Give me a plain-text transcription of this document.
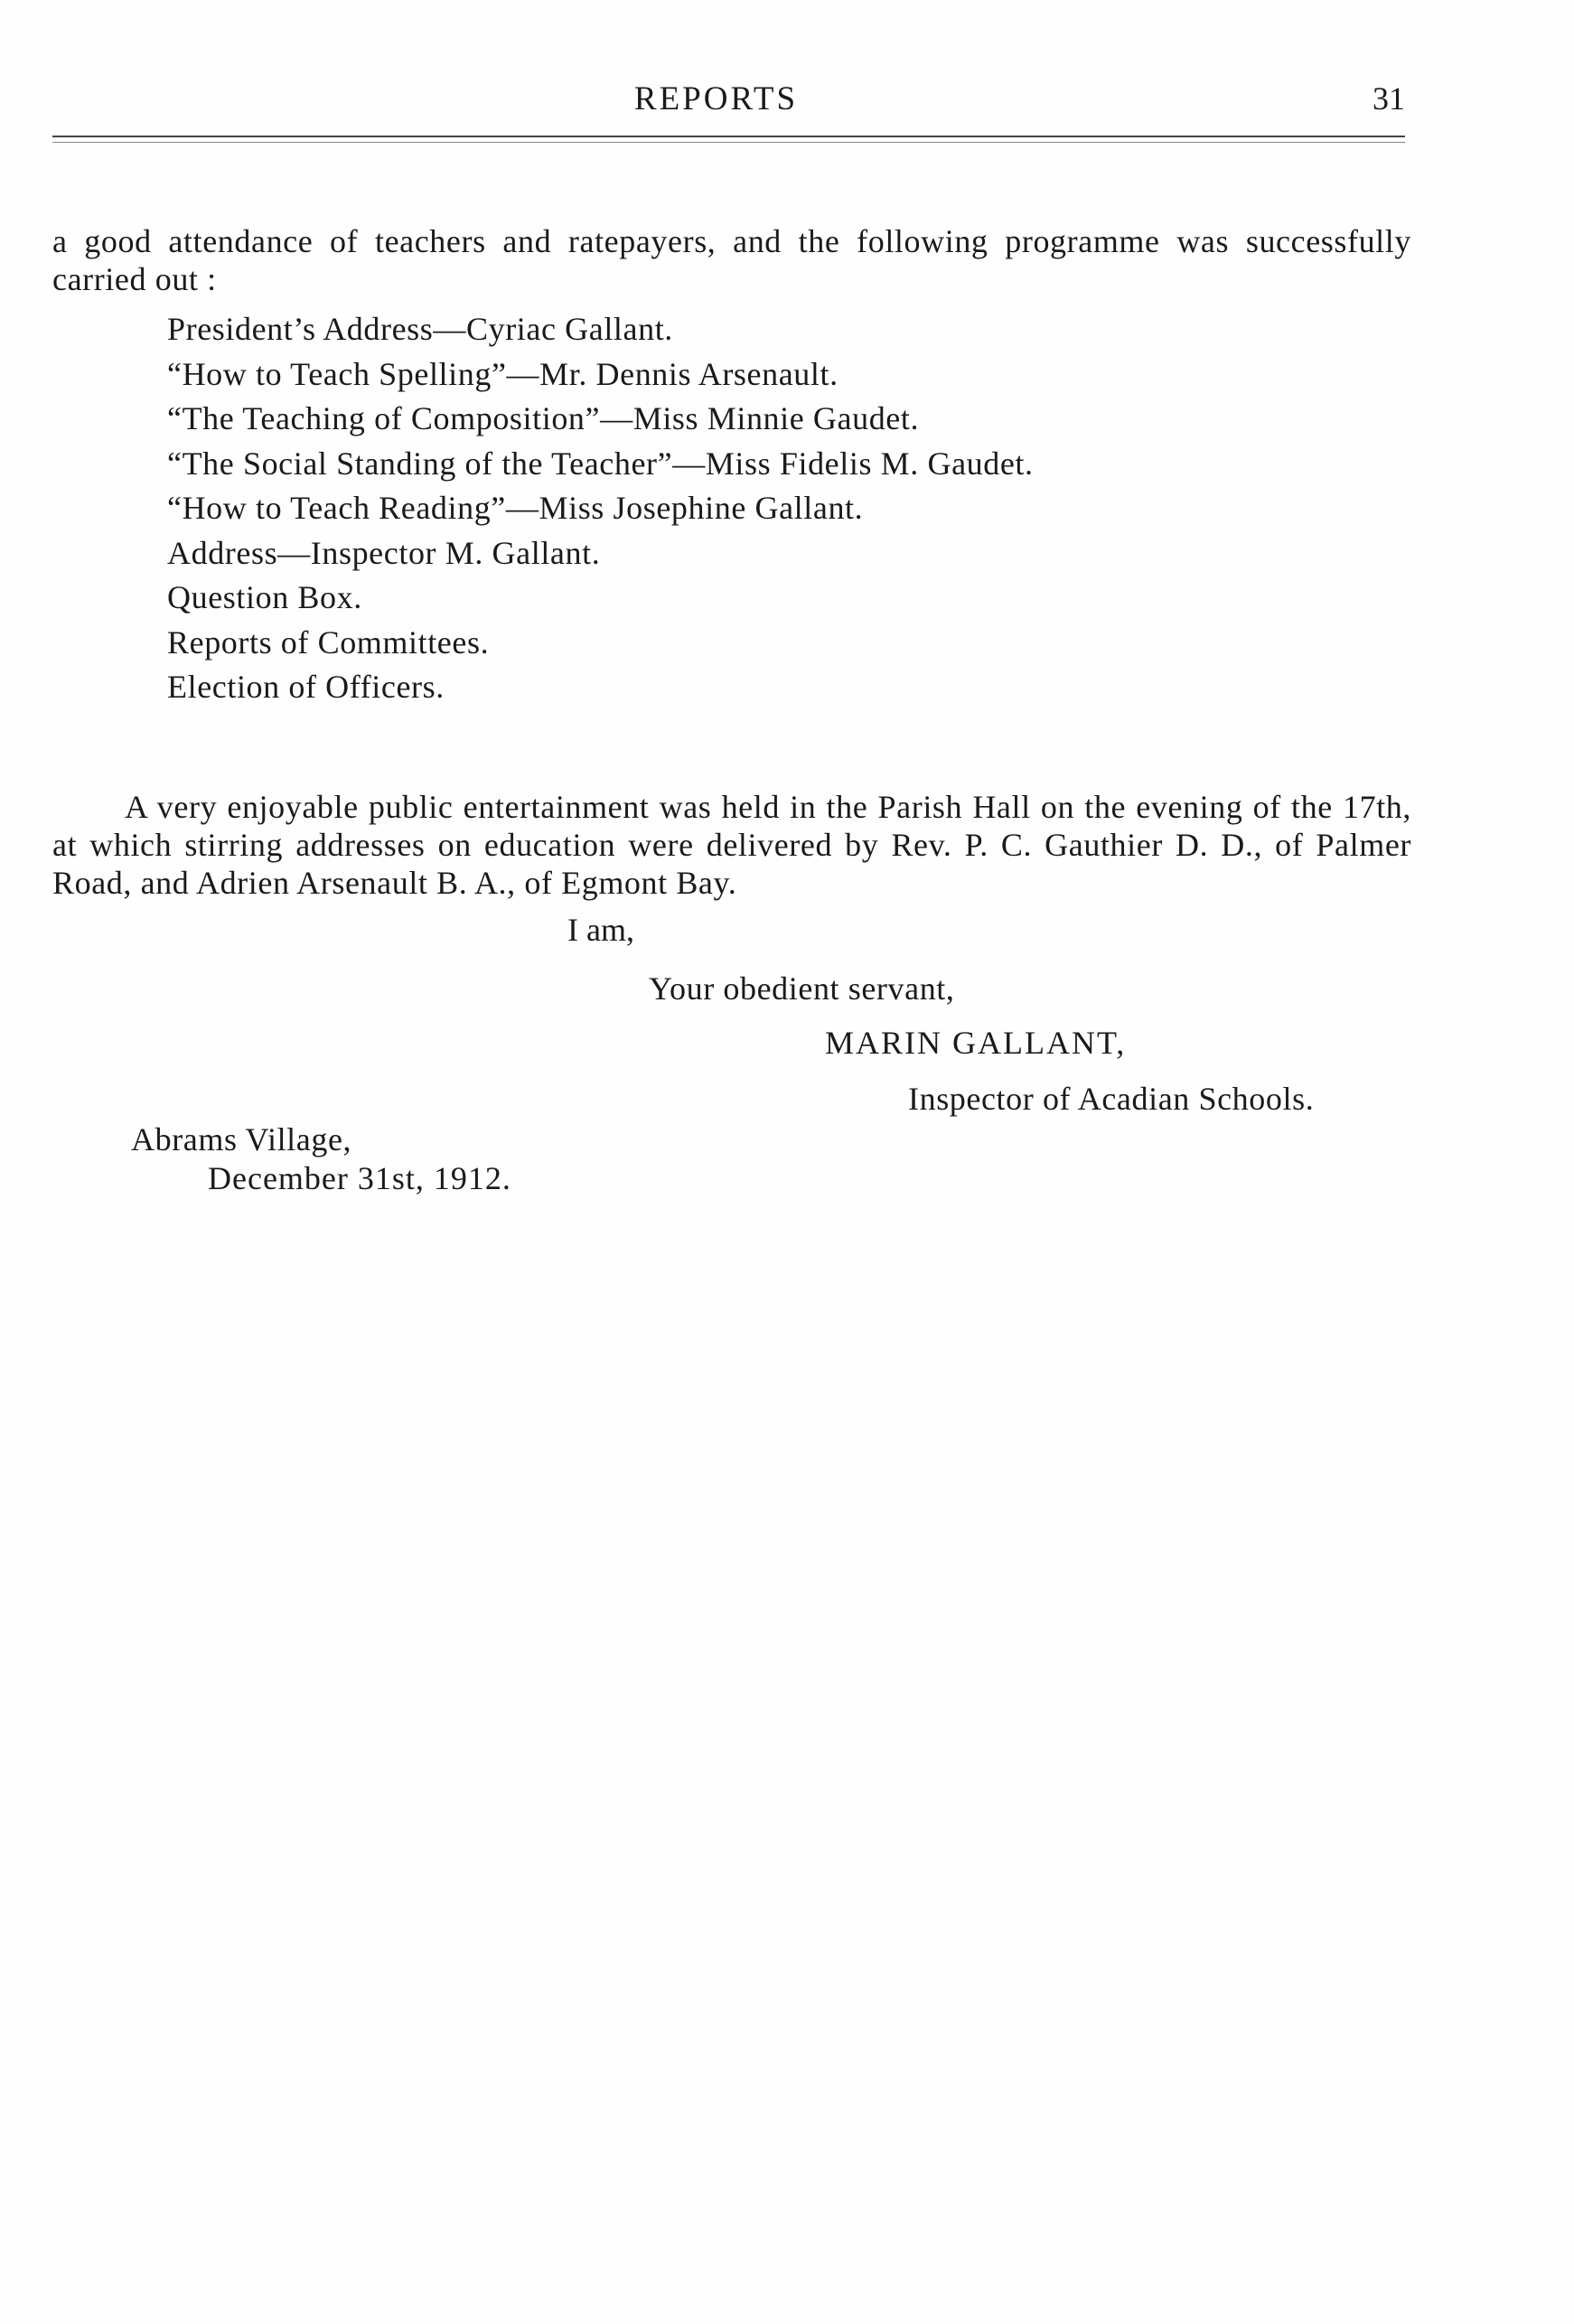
REPORTS	31

a good attendance of teachers and ratepayers, and the following programme was successfully carried out :

President’s Address—Cyriac Gallant.
“How to Teach Spelling”—Mr. Dennis Arsenault.
“The Teaching of Composition”—Miss Minnie Gaudet.
“The Social Standing of the Teacher”—Miss Fidelis M. Gaudet.
“How to Teach Reading”—Miss Josephine Gallant.
Address—Inspector M. Gallant.
Question Box.
Reports of Committees.
Election of Officers.

A very enjoyable public entertainment was held in the Parish Hall on the evening of the 17th, at which stirring addresses on education were delivered by Rev. P. C. Gauthier D. D., of Palmer Road, and Adrien Arsenault B. A., of Egmont Bay.

I am,
Your obedient servant,
MARIN GALLANT,
Inspector of Acadian Schools.
Abrams Village,
December 31st, 1912.
